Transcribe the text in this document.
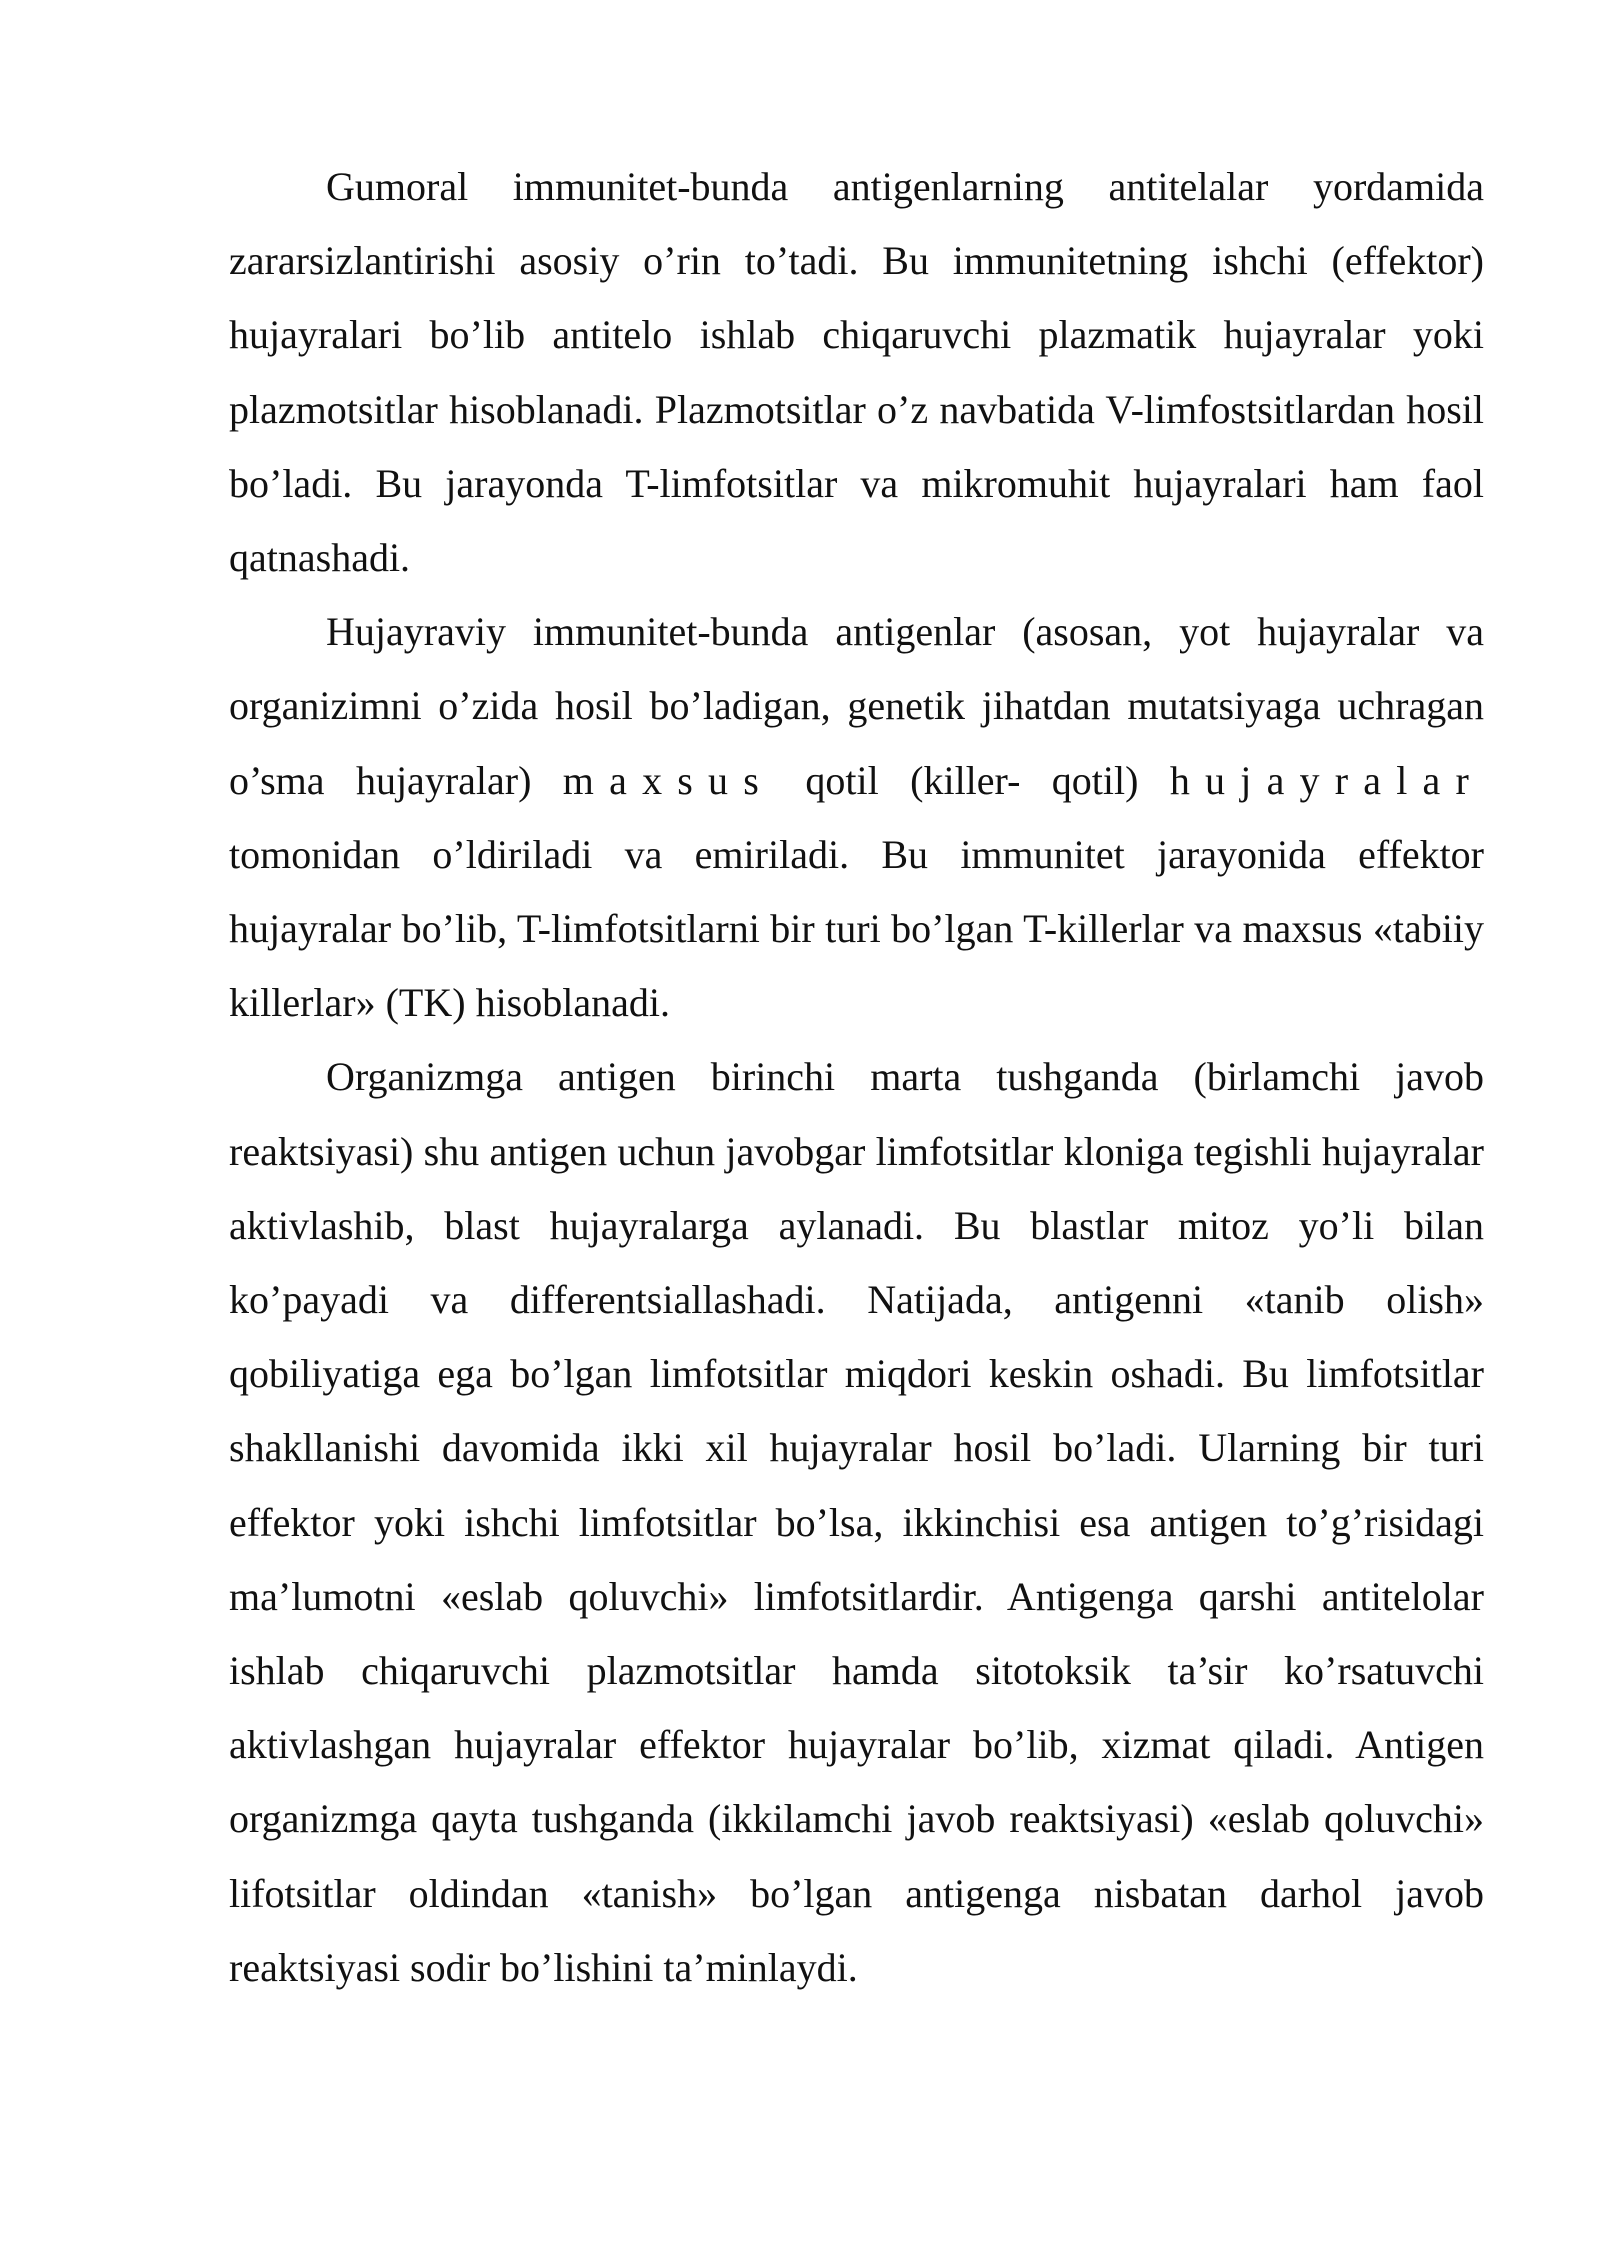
Gumoral immunitet-bunda antigenlarning antitelalar yordamida zararsizlantirishi asosiy o’rin to’tadi. Bu immunitetning ishchi (effektor) hujayralari bo’lib antitelo ishlab chiqaruvchi plazmatik hujayralar yoki plazmotsitlar hisoblanadi. Plazmotsitlar o’z navbatida V-limfostsitlardan hosil bo’ladi. Bu jarayonda T-limfotsitlar va mikromuhit hujayralari ham faol qatnashadi.

Hujayraviy immunitet-bunda antigenlar (asosan, yot hujayralar va organizimni o’zida hosil bo’ladigan, genetik jihatdan mutatsiyaga uchragan o’sma hujayralar) maxsus qotil (killer- qotil) hujayralar tomonidan o’ldiriladi va emiriladi. Bu immunitet jarayonida effektor hujayralar bo’lib, T-limfotsitlarni bir turi bo’lgan T-killerlar va maxsus «tabiiy killerlar» (TK) hisoblanadi.

Organizmga antigen birinchi marta tushganda (birlamchi javob reaktsiyasi) shu antigen uchun javobgar limfotsitlar kloniga tegishli hujayralar aktivlashib, blast hujayralarga aylanadi. Bu blastlar mitoz yo’li bilan ko’payadi va differentsiallashadi. Natijada, antigenni «tanib olish» qobiliyatiga ega bo’lgan limfotsitlar miqdori keskin oshadi. Bu limfotsitlar shakllanishi davomida ikki xil hujayralar hosil bo’ladi. Ularning bir turi effektor yoki ishchi limfotsitlar bo’lsa, ikkinchisi esa antigen to’g’risidagi ma’lumotni «eslab qoluvchi» limfotsitlardir. Antigenga qarshi antitelolar ishlab chiqaruvchi plazmotsitlar hamda sitotoksik ta’sir ko’rsatuvchi aktivlashgan hujayralar effektor hujayralar bo’lib, xizmat qiladi. Antigen organizmga qayta tushganda (ikkilamchi javob reaktsiyasi) «eslab qoluvchi» lifotsitlar oldindan «tanish» bo’lgan antigenga nisbatan darhol javob reaktsiyasi sodir bo’lishini ta’minlaydi.
